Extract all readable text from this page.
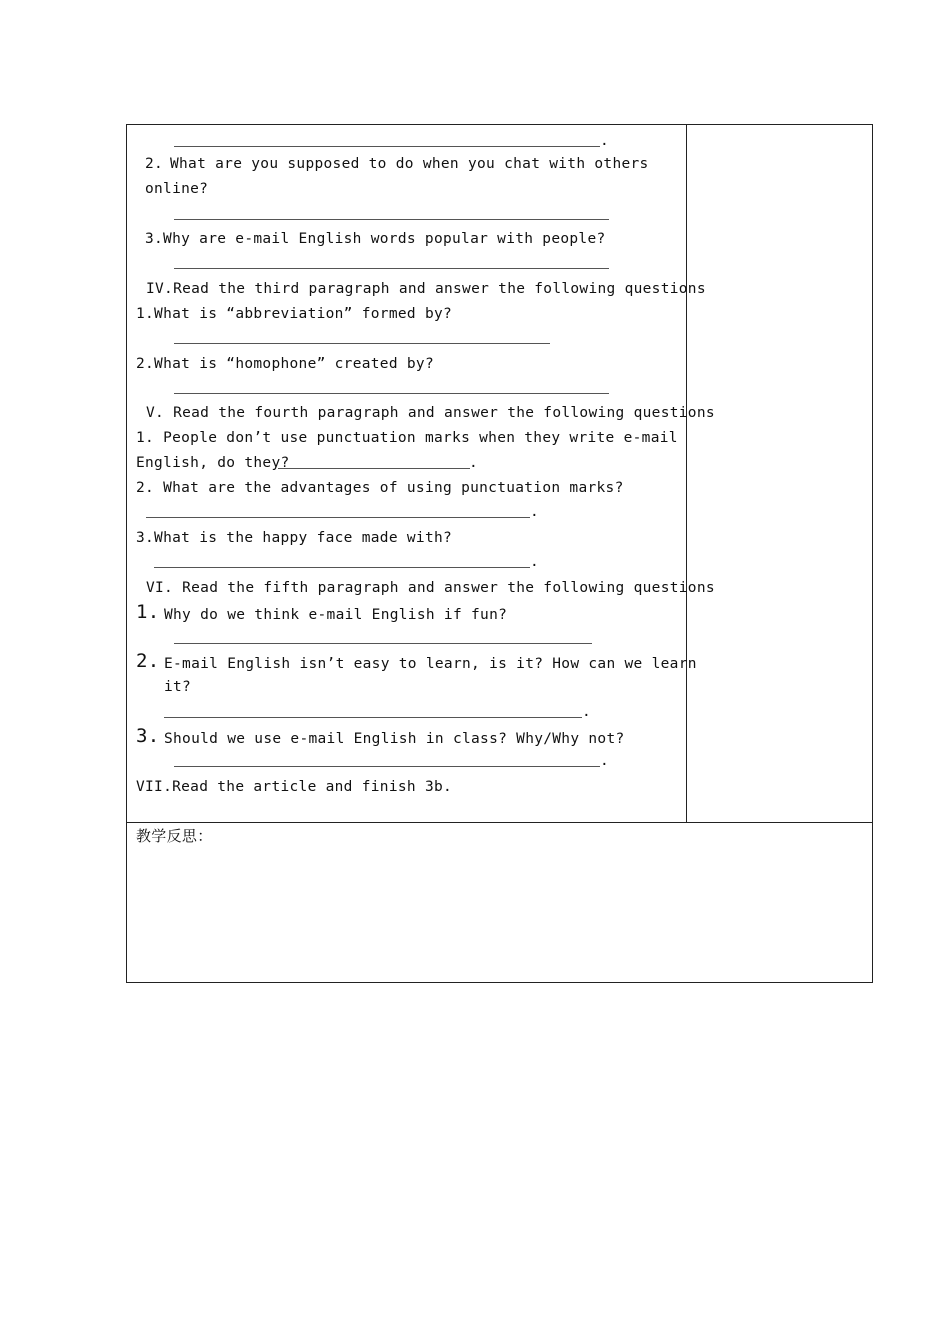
.
2. What are you supposed to do when you chat with others
online?
3.Why are e-mail English words popular with people?
IV.Read the third paragraph and answer the following questions
1.What is “abbreviation” formed by?
2.What is “homophone” created by?
V. Read the fourth paragraph and answer the following questions
1. People don’t use punctuation marks when they write e-mail
English, do they?	.
2. What are the advantages of using punctuation marks?
.
3.What is the happy face made with?
.
VI. Read the fifth paragraph and answer the following questions
1. Why do we think e-mail English if fun?
2. E-mail English isn’t easy to learn, is it? How can we learn
it?
.
3. Should we use e-mail English in class? Why/Why not?
.
VII.Read the article and finish 3b.
教学反思：
